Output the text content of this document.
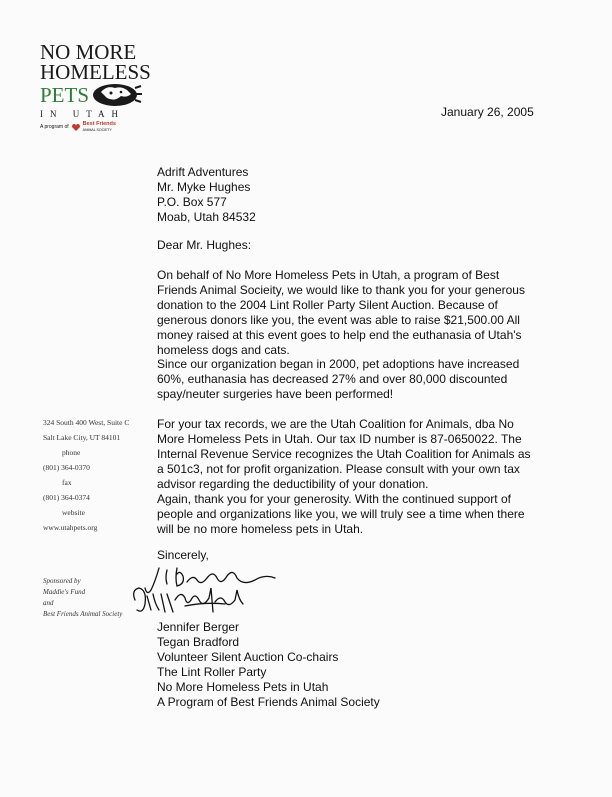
NO MORE
HOMELESS
PETS
IN UTAH
A program of	Best Friends
ANIMAL SOCIETY
January 26, 2005
Adrift Adventures
Mr. Myke Hughes
P.O. Box 577
Moab, Utah 84532
Dear Mr. Hughes:
On behalf of No More Homeless Pets in Utah, a program of Best Friends Animal Socieity, we would like to thank you for your generous donation to the 2004 Lint Roller Party Silent Auction. Because of generous donors like you, the event was able to raise $21,500.00 All money raised at this event goes to help end the euthanasia of Utah's homeless dogs and cats.
Since our organization began in 2000, pet adoptions have increased 60%, euthanasia has decreased 27% and over 80,000 discounted spay/neuter surgeries have been performed!
For your tax records, we are the Utah Coalition for Animals, dba No More Homeless Pets in Utah. Our tax ID number is 87-0650022. The Internal Revenue Service recognizes the Utah Coalition for Animals as a 501c3, not for profit organization. Please consult with your own tax advisor regarding the deductibility of your donation.
Again, thank you for your generosity. With the continued support of people and organizations like you, we will truly see a time when there will be no more homeless pets in Utah.
Sincerely,
324 South 400 West, Suite C
Salt Lake City, UT 84101
phone
(801) 364-0370
fax
(801) 364-0374
website
www.utahpets.org
Sponsored by
Maddie's Fund
and
Best Friends Animal Society
Jennifer Berger
Tegan Bradford
Volunteer Silent Auction Co-chairs
The Lint Roller Party
No More Homeless Pets in Utah
A Program of Best Friends Animal Society
